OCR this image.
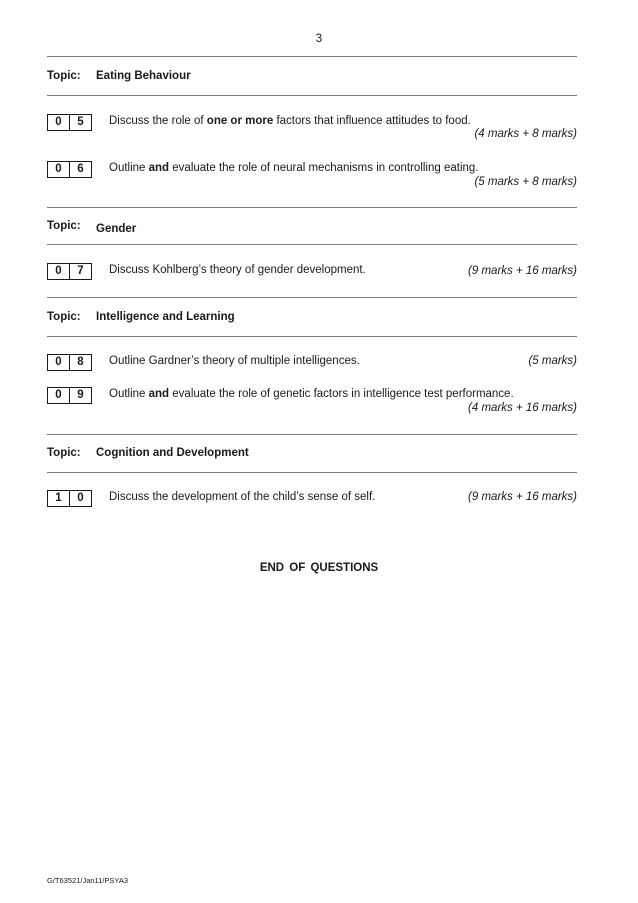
3
Topic: Eating Behaviour
0	5	Discuss the role of one or more factors that influence attitudes to food.
(4 marks + 8 marks)
0	6	Outline and evaluate the role of neural mechanisms in controlling eating.
(5 marks + 8 marks)
Topic: Gender
0	7	Discuss Kohlberg’s theory of gender development.	(9 marks + 16 marks)
Topic: Intelligence and Learning
0	8	Outline Gardner’s theory of multiple intelligences.	(5 marks)
0	9	Outline and evaluate the role of genetic factors in intelligence test performance.
(4 marks + 16 marks)
Topic: Cognition and Development
1	0	Discuss the development of the child’s sense of self.	(9 marks + 16 marks)
END OF QUESTIONS
G/T63521/Jan11/PSYA3
